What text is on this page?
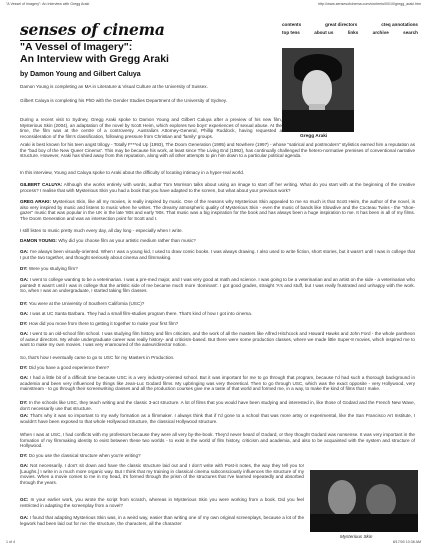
"A Vessel of Imagery": An Interview with Gregg Araki	http://www.sensesofcinema.com/contents/00/10/gregg_araki.htm
senses of cinema	contents	great directors	cteq annotations
top tens	about us	links	archive	search
"A Vessel of Imagery":
An Interview with Gregg Araki
by Damon Young and Gilbert Caluya
Gregg Araki
Damon Young is completing an MA in Literature & Visual Culture at the University of Sussex.
Gilbert Caluya is completing his PhD with the Gender Studies Department of the University of Sydney.
During a recent visit to Sydney, Gregg Araki spoke to Damon Young and Gilbert Caluya after a preview of his new film, Mysterious Skin (2004), an adaptation of the novel by Scott Heim, which explores two boys' experiences of sexual abuse. At the time, the film was at the centre of a controversy. Australia's Attorney-General, Phillip Ruddock, having requested a reconsideration of the film's classification, following pressure from Christian and 'family' groups.
Araki is best known for his teen angst trilogy - Totally F***ed Up (1993), The Doom Generation (1995) and Nowhere (1997) - whose "satirical and postmodern" stylistics earned him a reputation as the "bad boy of the New Queer Cinema". This may be because his work, at least since The Living End (1992), has continually challenged the hetero-normative premises of conventional narrative structure. However, Araki has shied away from this reputation, along with all other attempts to pin him down to a particular political agenda.
In this interview, Young and Caluya spoke to Araki about the difficulty of locating intimacy in a hyper-real world.
GILBERT CALUYA: Although she works entirely with words, author Tom Morrison talks about using an image to start off her writing. What do you start with at the beginning of the creative process? I realise that with Mysterious Skin you had a book that you have adapted to the screen, but what about your previous work?
GREG ARAKI: Mysterious Skin, like all my movies, is really inspired by music. One of the reasons why Mysterious Skin appealed to me so much is that Scott Heim, the author of the novel, is also very inspired by music and listens to music when he writes. The dreamy atmospheric quality of Mysterious Skin - even the music of bands like Slowdive and the Cocteau Twins - the "shoe-gazer" music that was popular in the UK in the late '80s and early '90s. That music was a big inspiration for the book and has always been a huge inspiration to me. It has been in all of my films. The Doom Generation and was an intersection point for Scott and I.
I still listen to music pretty much every day, all day long - especially when I write.
DAMON YOUNG: Why did you choose film as your artistic medium rather than music?
GA: I've always been visually-oriented. When I was a young kid, I used to draw comic books. I was always drawing. I also used to write fiction, short stories, but it wasn't until I was in college that I put the two together, and thought seriously about cinema and filmmaking.
DY: Were you studying film?
GA: I went to college wanting to be a veterinarian. I was a pre-med major, and I was very good at math and science. I was going to be a veterinarian and an artist on the side - a veterinarian who painted! It wasn't until I was in college that the artistic side of me became much more 'dominant'. I got good grades, straight 'A's and stuff, but I was really frustrated and unhappy with the work. So, when I was an undergraduate, I started taking film classes.
DY: You were at the University of Southern California (USC)?
GA: I was at UC Santa Barbara. They had a small film-studies program there. That's kind of how I got into cinema.
DY: How did you move from there to getting it together to make your first film?
GA: I went to an old-school film school. I was studying film history and film criticism, and the work of all the masters like Alfred Hitchcock and Howard Hawks and John Ford - the whole pantheon of auteur directors. My whole undergraduate career was really history- and criticism-based. But there were some production classes, where we made little Super-8 movies, which inspired me to want to make my own movies. I was very enamoured of the auteur/director notion.
So, that's how I eventually came to go to USC for my Masters in Production.
DY: Did you have a good experience there?
GA: I had a little bit of a difficult time because USC is a very industry-oriented school. But it was important for me to go through that program, because I'd had such a thorough background in academia and been very influenced by things like Jean-Luc Godard films. My upbringing was very theoretical. Then to go through USC, which was the exact opposite - very Hollywood, very mainstream - to go through their screenwriting classes and all the production courses give me a taste of that world and formed me, in a way, to make the kind of films that I make.
DY: In the schools like USC, they teach writing and the classic 3-act structure. A lot of films that you would have been studying and interested in, like those of Godard and the French New Wave, don't necessarily use that structure.
GA: That's why it was so important to my early formation as a filmmaker. I always think that if I'd gone to a school that was more artsy or experimental, like the San Francisco Art Institute, I wouldn't have been exposed to that whole Hollywood structure, the classical Hollywood structure.
When I was at USC, I had conflicts with my professors because they were all very by-the-book. They'd never heard of Godard, or they thought Godard was nonsense. It was very important in the formation of my filmmaking identity to exist between these two worlds - to exist in the world of film history, criticism and academia, and also to be acquainted with the system and structure of Hollywood.
DY: Do you use the classical structure when you're writing?
GA: Not necessarily. I don't sit down and have the classic structure laid out and I don't write with Post-it notes, the way they tell you to! [Laughs.] I write in a much more organic way. But I think that my training in classical cinema subconsciously influences the structure of my movies. When a movie comes to me in my head, it's formed through the prism of the structures that I've learned repeatedly and absorbed through the years.
GC: In your earlier work, you wrote the script from scratch, whereas in Mysterious Skin you were working from a book. Did you feel restricted in adapting the screenplay from a novel?
GA: I found that adapting Mysterious Skin was, in a weird way, easier than writing one of my own original screenplays, because a lot of the legwork had been laid out for me: the structure, the characters, all the character
Mysterious Skin
1 of 4	8/17/00 10:38 AM
